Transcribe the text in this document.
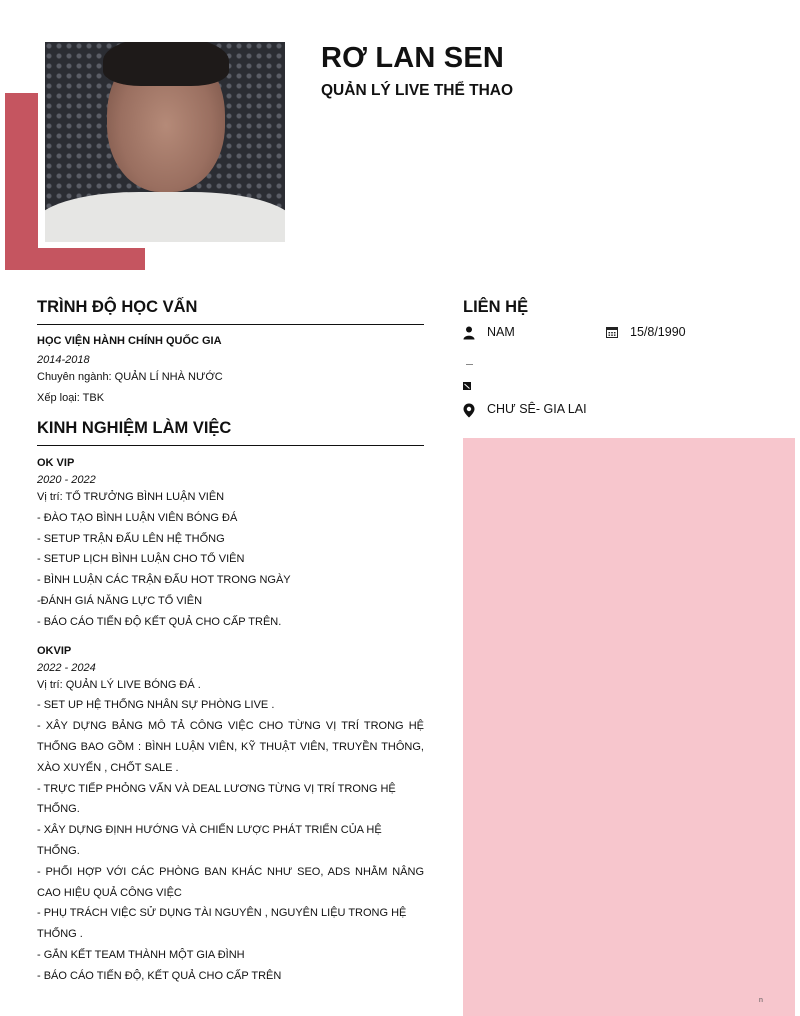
RƠ LAN SEN
QUẢN LÝ LIVE THỂ THAO
TRÌNH ĐỘ HỌC VẤN
HỌC VIỆN HÀNH CHÍNH QUỐC GIA
2014-2018
Chuyên ngành: QUẢN LÍ NHÀ NƯỚC
Xếp loại: TBK
KINH NGHIỆM LÀM VIỆC
OK VIP
2020 - 2022
Vị trí: TỔ TRƯỞNG BÌNH LUẬN VIÊN
- ĐÀO TẠO BÌNH LUẬN VIÊN BÓNG ĐÁ
- SETUP TRẬN ĐẤU LÊN HỆ THỐNG
- SETUP LỊCH BÌNH LUẬN CHO TỔ VIÊN
- BÌNH LUẬN CÁC TRẬN ĐẤU HOT TRONG NGÀY
-ĐÁNH GIÁ NĂNG LỰC TỔ VIÊN
- BÁO CÁO TIẾN ĐỘ KẾT QUẢ CHO CẤP TRÊN.
OKVIP
2022 - 2024
Vị trí: QUẢN LÝ LIVE BÓNG ĐÁ .
- SET UP HỆ THỐNG NHÂN SỰ PHÒNG LIVE .
- XÂY DỰNG BẢNG MÔ TẢ CÔNG VIỆC CHO TỪNG VỊ TRÍ TRONG HỆ THỐNG BAO GỒM : BÌNH LUẬN VIÊN, KỸ THUẬT VIÊN, TRUYỀN THÔNG, XÀO XUYẾN , CHỐT SALE .
- TRỰC TIẾP PHỎNG VẤN VÀ DEAL LƯƠNG TỪNG VỊ TRÍ TRONG HỆ THỐNG.
- XÂY DỰNG ĐỊNH HƯỚNG VÀ CHIẾN LƯỢC PHÁT TRIỂN CỦA HỆ THỐNG.
- PHỐI HỢP VỚI CÁC PHÒNG BAN KHÁC NHƯ SEO, ADS NHẰM NÂNG CAO HIỆU QUẢ CÔNG VIỆC
- PHỤ TRÁCH VIỆC SỬ DỤNG TÀI NGUYÊN , NGUYÊN LIỆU TRONG HỆ THỐNG .
- GẮN KẾT TEAM THÀNH MỘT GIA ĐÌNH
- BÁO CÁO TIẾN ĐỘ, KẾT QUẢ CHO CẤP TRÊN
LIÊN HỆ
NAM	15/8/1990
CHƯ SÊ- GIA LAI
n
